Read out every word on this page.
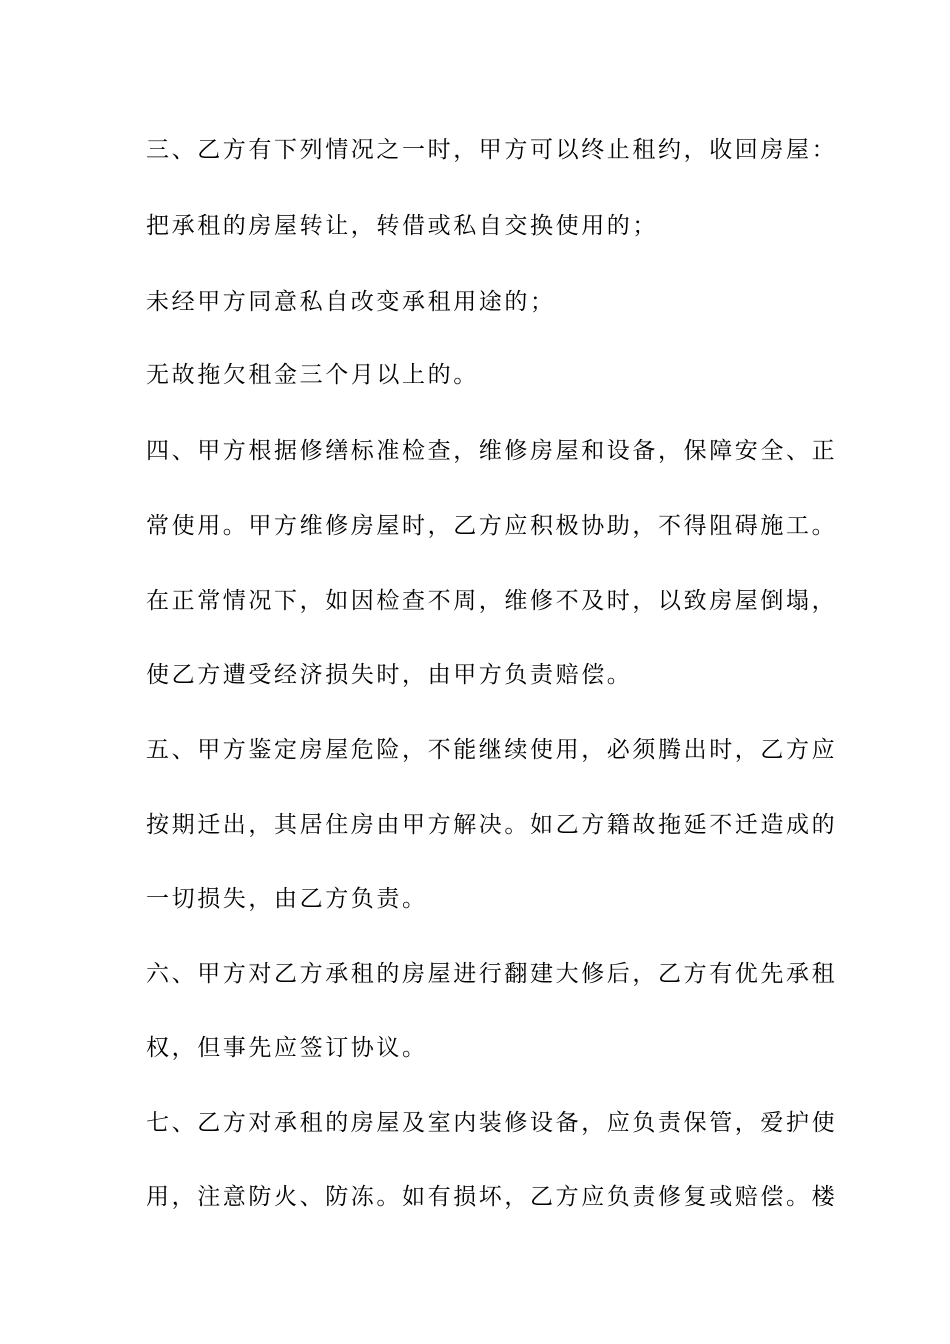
三、乙方有下列情况之一时，甲方可以终止租约，收回房屋：
把承租的房屋转让，转借或私自交换使用的；
未经甲方同意私自改变承租用途的；
无故拖欠租金三个月以上的。
四、甲方根据修缮标准检查，维修房屋和设备，保障安全、正
常使用。甲方维修房屋时，乙方应积极协助，不得阻碍施工。
在正常情况下，如因检查不周，维修不及时，以致房屋倒塌，
使乙方遭受经济损失时，由甲方负责赔偿。
五、甲方鉴定房屋危险，不能继续使用，必须腾出时，乙方应
按期迁出，其居住房由甲方解决。如乙方籍故拖延不迁造成的
一切损失，由乙方负责。
六、甲方对乙方承租的房屋进行翻建大修后，乙方有优先承租
权，但事先应签订协议。
七、乙方对承租的房屋及室内装修设备，应负责保管，爱护使
用，注意防火、防冻。如有损坏，乙方应负责修复或赔偿。楼
